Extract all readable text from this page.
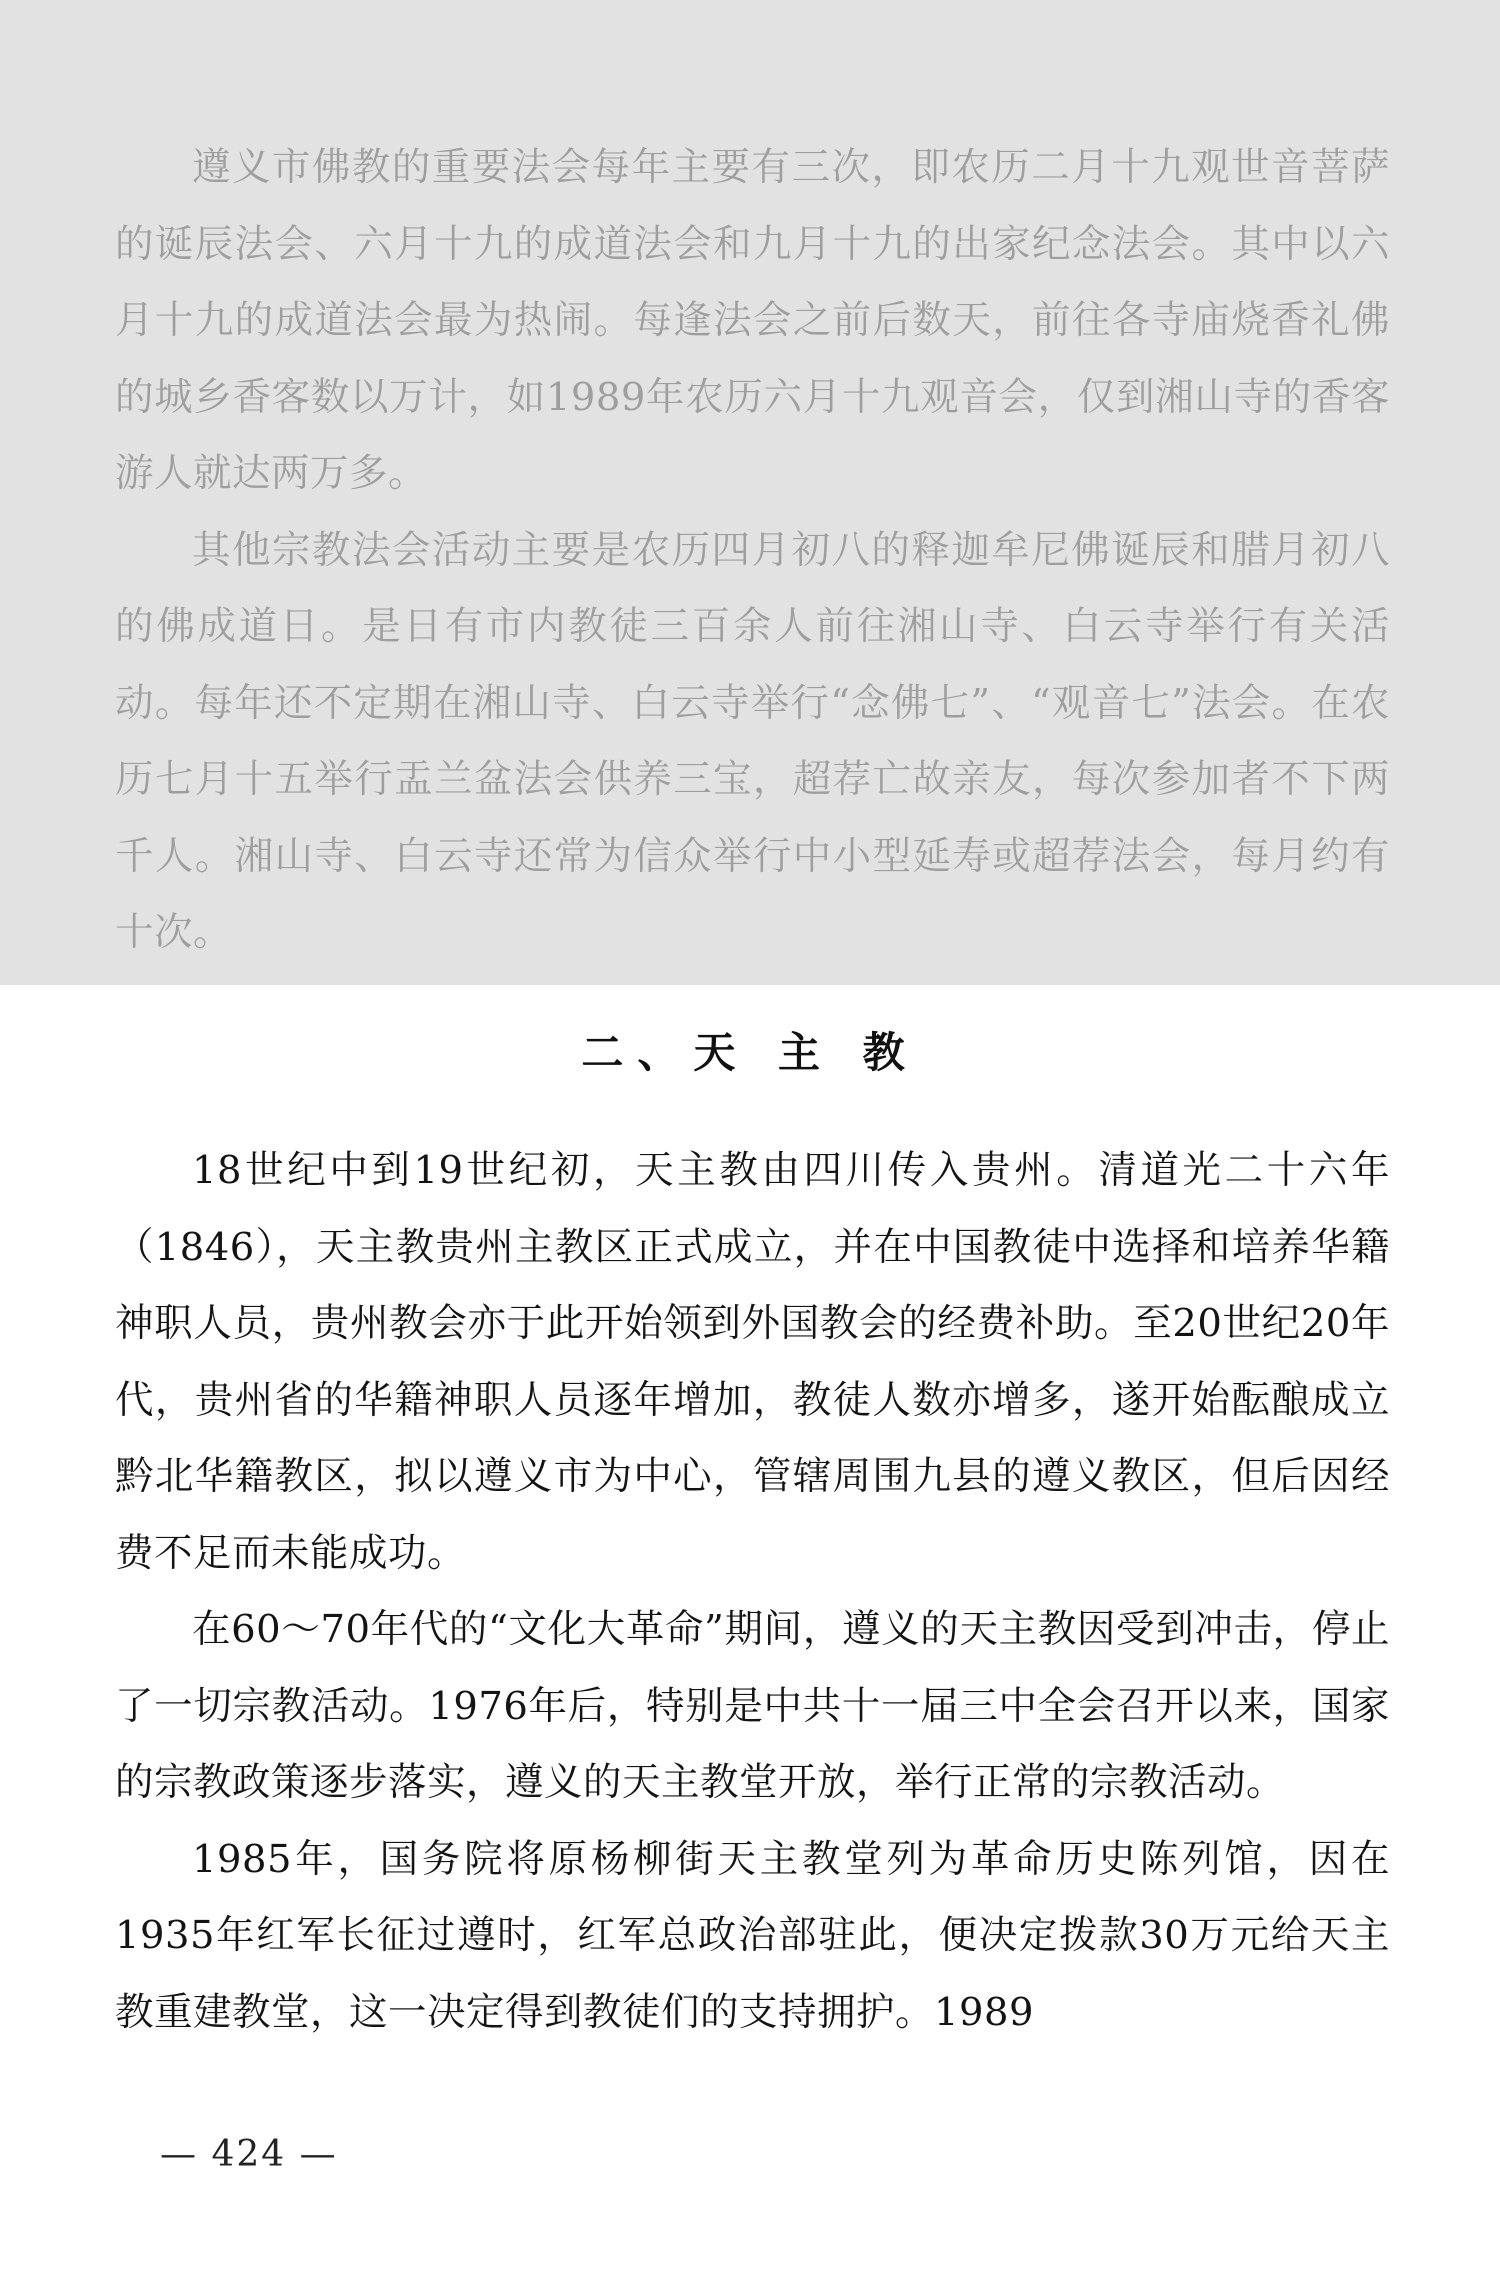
遵义市佛教的重要法会每年主要有三次，即农历二月十九观世音菩萨的诞辰法会、六月十九的成道法会和九月十九的出家纪念法会。其中以六月十九的成道法会最为热闹。每逢法会之前后数天，前往各寺庙烧香礼佛的城乡香客数以万计，如1989年农历六月十九观音会，仅到湘山寺的香客游人就达两万多。

其他宗教法会活动主要是农历四月初八的释迦牟尼佛诞辰和腊月初八的佛成道日。是日有市内教徒三百余人前往湘山寺、白云寺举行有关活动。每年还不定期在湘山寺、白云寺举行“念佛七”、“观音七”法会。在农历七月十五举行盂兰盆法会供养三宝，超荐亡故亲友，每次参加者不下两千人。湘山寺、白云寺还常为信众举行中小型延寿或超荐法会，每月约有十次。

二、天 主 教

18世纪中到19世纪初，天主教由四川传入贵州。清道光二十六年（1846），天主教贵州主教区正式成立，并在中国教徒中选择和培养华籍神职人员，贵州教会亦于此开始领到外国教会的经费补助。至20世纪20年代，贵州省的华籍神职人员逐年增加，教徒人数亦增多，遂开始酝酿成立黔北华籍教区，拟以遵义市为中心，管辖周围九县的遵义教区，但后因经费不足而未能成功。

在60～70年代的“文化大革命”期间，遵义的天主教因受到冲击，停止了一切宗教活动。1976年后，特别是中共十一届三中全会召开以来，国家的宗教政策逐步落实，遵义的天主教堂开放，举行正常的宗教活动。

1985年，国务院将原杨柳街天主教堂列为革命历史陈列馆，因在1935年红军长征过遵时，红军总政治部驻此，便决定拨款30万元给天主教重建教堂，这一决定得到教徒们的支持拥护。1989

— 424 —
